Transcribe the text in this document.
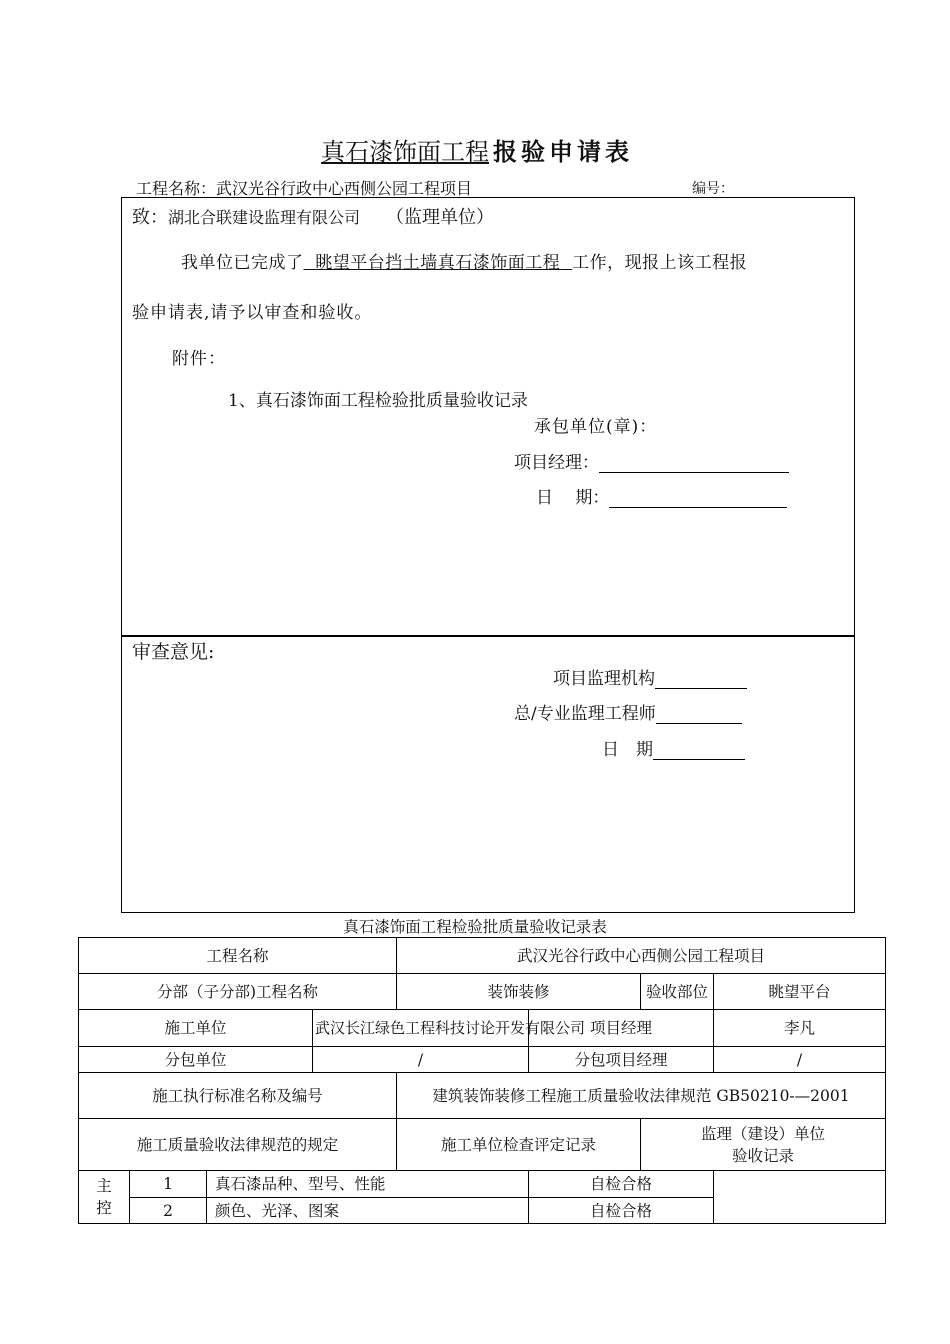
真石漆饰面工程 报验申请表
工程名称：武汉光谷行政中心西侧公园工程项目	编号：
致：湖北合联建设监理有限公司 （监理单位）
我单位已完成了 眺望平台挡土墙真石漆饰面工程 工作，现报上该工程报
验申请表,请予以审查和验收。
附件：
1、真石漆饰面工程检验批质量验收记录
承包单位(章)：
项目经理：
日　 期：
审查意见:
项目监理机构
总/专业监理工程师
日　期
真石漆饰面工程检验批质量验收记录表
工程名称				武汉光谷行政中心西侧公园工程项目			
分部（子分部)工程名称				装饰装修		验收部位	眺望平台
施工单位			武汉长江绿色工程科技讨论开发有限公司		项目经理		李凡
分包单位			/		分包项目经理		/
施工执行标准名称及编号				建筑装饰装修工程施工质量验收法律规范 GB50210-—2001			
施工质量验收法律规范的规定				施工单位检查评定记录		监理（建设）单位
验收记录	

主
控	1	真石漆品种、型号、性能			自检合格		
	2	颜色、光泽、图案			自检合格		
